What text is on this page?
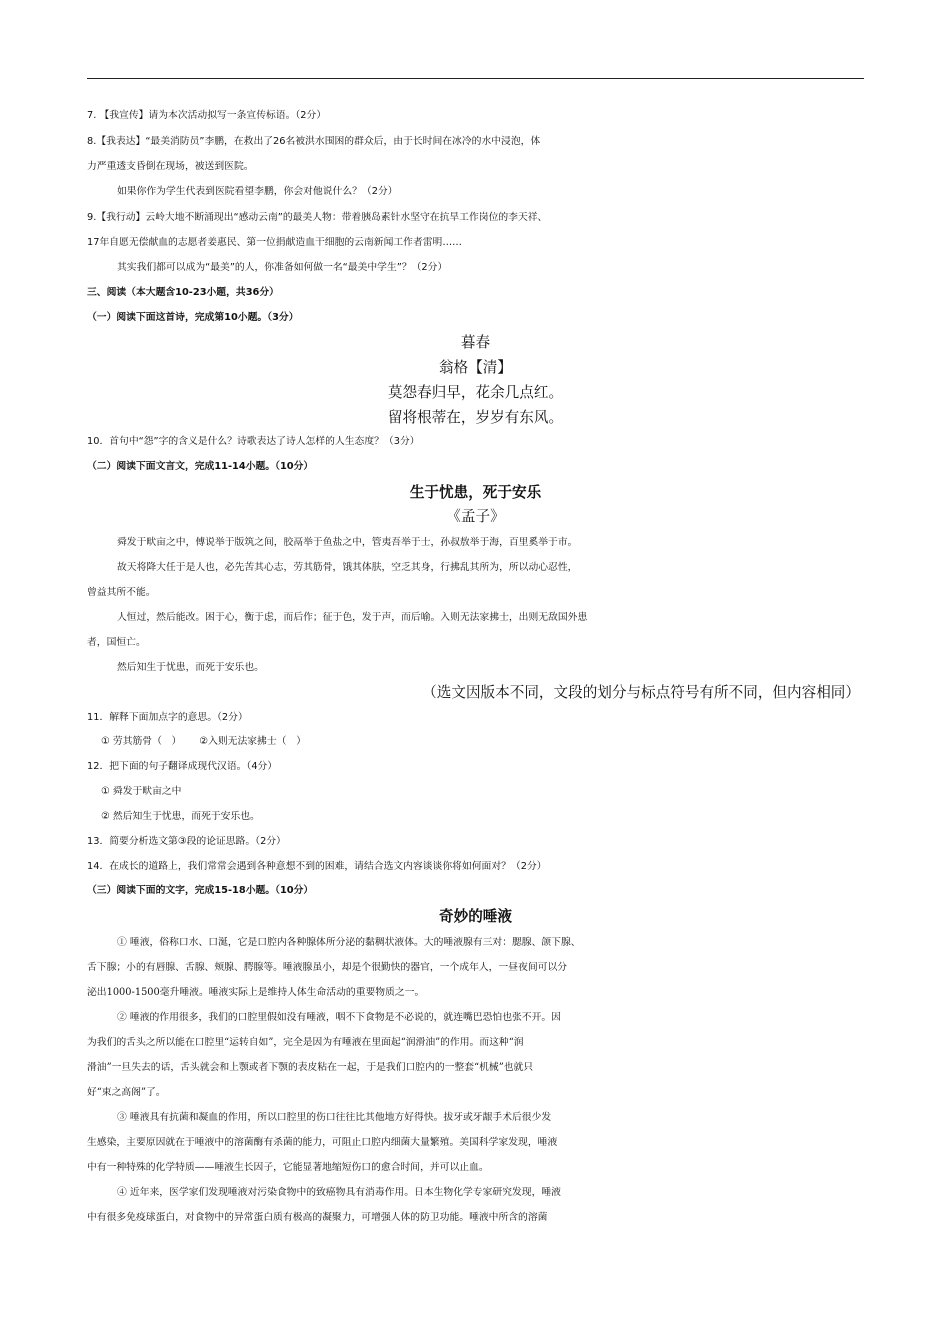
7. 【我宣传】请为本次活动拟写一条宣传标语。（2分）
8.【我表达】“最美消防员”李鹏，在救出了26名被洪水围困的群众后，由于长时间在冰冷的水中浸泡，体
力严重透支昏倒在现场，被送到医院。
如果你作为学生代表到医院看望李鹏，你会对他说什么？（2分）
9.【我行动】云岭大地不断涌现出“感动云南”的最美人物：带着胰岛素针水坚守在抗旱工作岗位的李天祥、
17年自愿无偿献血的志愿者姜惠民、第一位捐献造血干细胞的云南新闻工作者雷明……
其实我们都可以成为“最美”的人，你准备如何做一名“最美中学生”？（2分）
三、阅读（本大题含10-23小题，共36分）
（一）阅读下面这首诗，完成第10小题。（3分）
暮春
翁格【清】
莫怨春归早，花余几点红。
留将根蒂在，岁岁有东风。
10．首句中“怨”字的含义是什么？诗歌表达了诗人怎样的人生态度？（3分）
（二）阅读下面文言文，完成11-14小题。（10分）
生于忧患，死于安乐
《孟子》
舜发于畎亩之中，傅说举于版筑之间，胶鬲举于鱼盐之中，管夷吾举于士，孙叔敖举于海，百里奚举于市。
故天将降大任于是人也，必先苦其心志，劳其筋骨，饿其体肤，空乏其身，行拂乱其所为，所以动心忍性，
曾益其所不能。
人恒过，然后能改。困于心，衡于虑，而后作；征于色，发于声，而后喻。入则无法家拂士，出则无敌国外患
者，国恒亡。
然后知生于忧患，而死于安乐也。
（选文因版本不同，文段的划分与标点符号有所不同，但内容相同）
11．解释下面加点字的意思。（2分）
① 劳其筋骨（　）　　 ②入则无法家拂士（　）
12．把下面的句子翻译成现代汉语。（4分）
① 舜发于畎亩之中
② 然后知生于忧患，而死于安乐也。
13．简要分析选文第③段的论证思路。（2分）
14．在成长的道路上，我们常常会遇到各种意想不到的困难，请结合选文内容谈谈你将如何面对？（2分）
（三）阅读下面的文字，完成15-18小题。（10分）
奇妙的唾液
① 唾液，俗称口水、口涎，它是口腔内各种腺体所分泌的黏稠状液体。大的唾液腺有三对：腮腺、颌下腺、
舌下腺；小的有唇腺、舌腺、颊腺、腭腺等。唾液腺虽小，却是个很勤快的器官，一个成年人，一昼夜间可以分
泌出1000-1500毫升唾液。唾液实际上是维持人体生命活动的重要物质之一。
② 唾液的作用很多，我们的口腔里假如没有唾液，咽不下食物是不必说的，就连嘴巴恐怕也张不开。因
为我们的舌头之所以能在口腔里“运转自如”，完全是因为有唾液在里面起“润滑油”的作用。而这种“润
滑油”一旦失去的话，舌头就会和上颚或者下颚的表皮粘在一起，于是我们口腔内的一整套“机械”也就只
好“束之高阁”了。
③ 唾液具有抗菌和凝血的作用，所以口腔里的伤口往往比其他地方好得快。拔牙或牙龈手术后很少发
生感染，主要原因就在于唾液中的溶菌酶有杀菌的能力，可阻止口腔内细菌大量繁殖。美国科学家发现，唾液
中有一种特殊的化学特质——唾液生长因子，它能显著地缩短伤口的愈合时间，并可以止血。
④ 近年来，医学家们发现唾液对污染食物中的致癌物具有消毒作用。日本生物化学专家研究发现，唾液
中有很多免疫球蛋白，对食物中的异常蛋白质有极高的凝聚力，可增强人体的防卫功能。唾液中所含的溶菌
